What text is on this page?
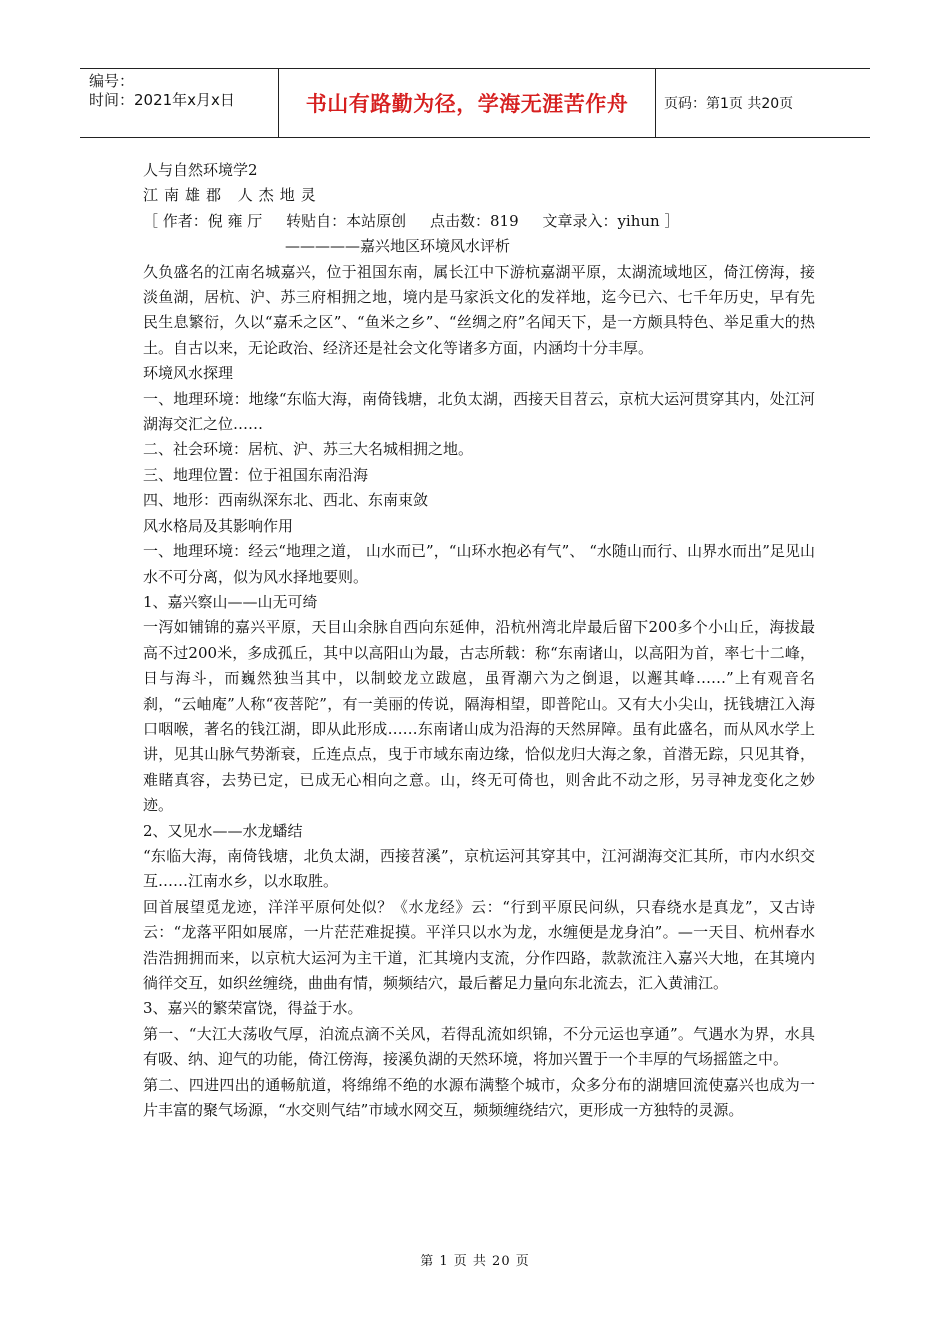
编号：
时间：2021年x月x日	书山有路勤为径，学海无涯苦作舟	页码：第1页 共20页

人与自然环境学2

江南雄郡 人杰地灵

［ 作者：倪 雍 厅     转贴自：本站原创     点击数：819     文章录入：yihun ］

—————嘉兴地区环境风水评析

久负盛名的江南名城嘉兴，位于祖国东南，属长江中下游杭嘉湖平原，太湖流域地区，倚江傍海，接淡鱼湖，居杭、沪、苏三府相拥之地，境内是马家浜文化的发祥地，迄今已六、七千年历史，早有先民生息繁衍，久以“嘉禾之区”、“鱼米之乡”、“丝绸之府”名闻天下，是一方颇具特色、举足重大的热土。自古以来，无论政治、经济还是社会文化等诸多方面，内涵均十分丰厚。

环境风水探理

一、地理环境：地缘“东临大海，南倚钱塘，北负太湖，西接天目苕云，京杭大运河贯穿其内，处江河湖海交汇之位……

二、社会环境：居杭、沪、苏三大名城相拥之地。

三、地理位置：位于祖国东南沿海

四、地形：西南纵深东北、西北、东南束敛

风水格局及其影响作用

一、地理环境：经云“地理之道， 山水而已”，“山环水抱必有气”、 “水随山而行、山界水而出”足见山水不可分离，似为风水择地要则。

1、嘉兴察山——山无可绮

一泻如铺锦的嘉兴平原，天目山余脉自西向东延伸，沿杭州湾北岸最后留下200多个小山丘，海拔最高不过200米，多成孤丘，其中以高阳山为最，古志所载：称“东南诸山，以高阳为首，率七十二峰，日与海斗，而巍然独当其中，以制蛟龙立跋扈，虽胥潮六为之倒退，以邂其峰……”上有观音名刹，“云岫庵”人称“夜菩陀”，有一美丽的传说，隔海相望，即普陀山。又有大小尖山，抚钱塘江入海口咽喉，著名的钱江湖，即从此形成……东南诸山成为沿海的天然屏障。虽有此盛名，而从风水学上讲，见其山脉气势渐衰，丘连点点，曳于市域东南边缘，恰似龙归大海之象，首潜无踪，只见其脊，难睹真容，去势已定，已成无心相向之意。山，终无可倚也，则舍此不动之形，另寻神龙变化之妙迹。

2、又见水——水龙蟠结

“东临大海，南倚钱塘，北负太湖，西接苕溪”，京杭运河其穿其中，江河湖海交汇其所，市内水织交互……江南水乡，以水取胜。

回首展望觅龙迹，洋洋平原何处似？《水龙经》云：“行到平原民问纵，只春绕水是真龙”，又古诗云：“龙落平阳如展席，一片茫茫难捉摸。平洋只以水为龙，水缠便是龙身泊”。—一天目、杭州春水浩浩拥拥而来，以京杭大运河为主干道，汇其境内支流，分作四路，款款流注入嘉兴大地，在其境内徜徉交互，如织丝缠绕，曲曲有情，频频结穴，最后蓄足力量向东北流去，汇入黄浦江。

3、嘉兴的繁荣富饶，得益于水。

第一、“大江大荡收气厚，泊流点滴不关风，若得乱流如织锦，不分元运也享通”。气遇水为界，水具有吸、纳、迎气的功能，倚江傍海，接溪负湖的天然环境，将加兴置于一个丰厚的气场摇篮之中。

第二、四进四出的通畅航道，将绵绵不绝的水源布满整个城市，众多分布的湖塘回流使嘉兴也成为一片丰富的聚气场源，“水交则气结”市域水网交互，频频缠绕结穴，更形成一方独特的灵源。

第 1 页 共 20 页
